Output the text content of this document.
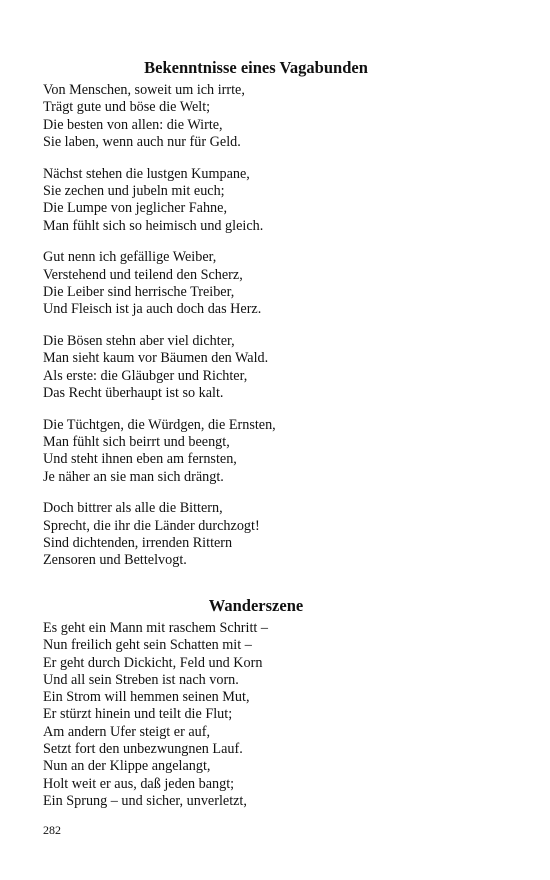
Bekenntnisse eines Vagabunden
Von Menschen, soweit um ich irrte,
Trägt gute und böse die Welt;
Die besten von allen: die Wirte,
Sie laben, wenn auch nur für Geld.
Nächst stehen die lustgen Kumpane,
Sie zechen und jubeln mit euch;
Die Lumpe von jeglicher Fahne,
Man fühlt sich so heimisch und gleich.
Gut nenn ich gefällige Weiber,
Verstehend und teilend den Scherz,
Die Leiber sind herrische Treiber,
Und Fleisch ist ja auch doch das Herz.
Die Bösen stehn aber viel dichter,
Man sieht kaum vor Bäumen den Wald.
Als erste: die Gläubger und Richter,
Das Recht überhaupt ist so kalt.
Die Tüchtgen, die Würdgen, die Ernsten,
Man fühlt sich beirrt und beengt,
Und steht ihnen eben am fernsten,
Je näher an sie man sich drängt.
Doch bittrer als alle die Bittern,
Sprecht, die ihr die Länder durchzogt!
Sind dichtenden, irrenden Rittern
Zensoren und Bettelvogt.
Wanderszene
Es geht ein Mann mit raschem Schritt –
Nun freilich geht sein Schatten mit –
Er geht durch Dickicht, Feld und Korn
Und all sein Streben ist nach vorn.
Ein Strom will hemmen seinen Mut,
Er stürzt hinein und teilt die Flut;
Am andern Ufer steigt er auf,
Setzt fort den unbezwungnen Lauf.
Nun an der Klippe angelangt,
Holt weit er aus, daß jeden bangt;
Ein Sprung – und sicher, unverletzt,
282
